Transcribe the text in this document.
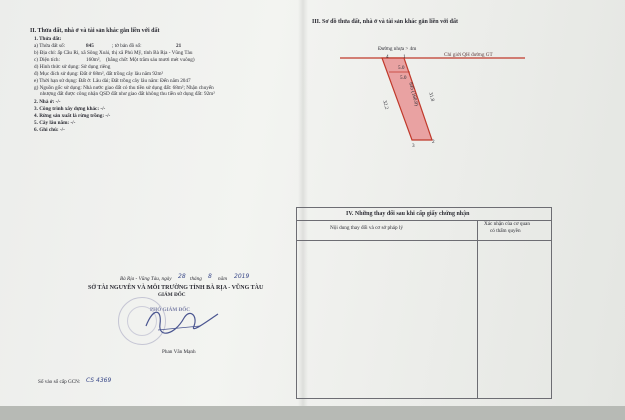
II. Thửa đất, nhà ở và tài sản khác gắn liền với đất
1. Thửa đất:
a) Thửa đất số:	845	; tờ bản đồ số:	21
b) Địa chỉ: ấp Cầu Ri, xã Sông Xoài, thị xã Phú Mỹ, tỉnh Bà Rịa - Vũng Tàu
c) Diện tích:	160m², (bằng chữ: Một trăm sáu mươi mét vuông)
d) Hình thức sử dụng: Sử dụng riêng
đ) Mục đích sử dụng: Đất ở 68m², đất trồng cây lâu năm 92m²
e) Thời hạn sử dụng: Đất ở: Lâu dài; Đất trồng cây lâu năm: Đến năm 2047
g) Nguồn gốc sử dụng: Nhà nước giao đất có thu tiền sử dụng đất: 68m²; Nhận chuyển
nhượng đất được công nhận QSD đất như giao đất không thu tiền sử dụng đất: 92m²
2. Nhà ở: -/-
3. Công trình xây dựng khác: -/-
4. Rừng sản xuất là rừng trồng: -/-
5. Cây lâu năm: -/-
6. Ghi chú: -/-
Bà Rịa - Vũng Tàu, ngày 28 tháng 8 năm 2019
SỞ TÀI NGUYÊN VÀ MÔI TRƯỜNG TỈNH BÀ RỊA - VŨNG TÀU
GIÁM ĐỐC
PHÓ GIÁM ĐỐC
Phan Văn Mạnh
Số vào sổ cấp GCN: CS 4369
III. Sơ đồ thửa đất, nhà ở và tài sản khác gắn liền với đất
Đường nhựa > 4m
Chỉ giới QH đường GT
4	1
2
3
5.0
5.0
32.2
31.8
845 (160.0)
IV. Những thay đổi sau khi cấp giấy chứng nhận
Nội dung thay đổi và cơ sở pháp lý
Xác nhận của cơ quan
có thẩm quyền
